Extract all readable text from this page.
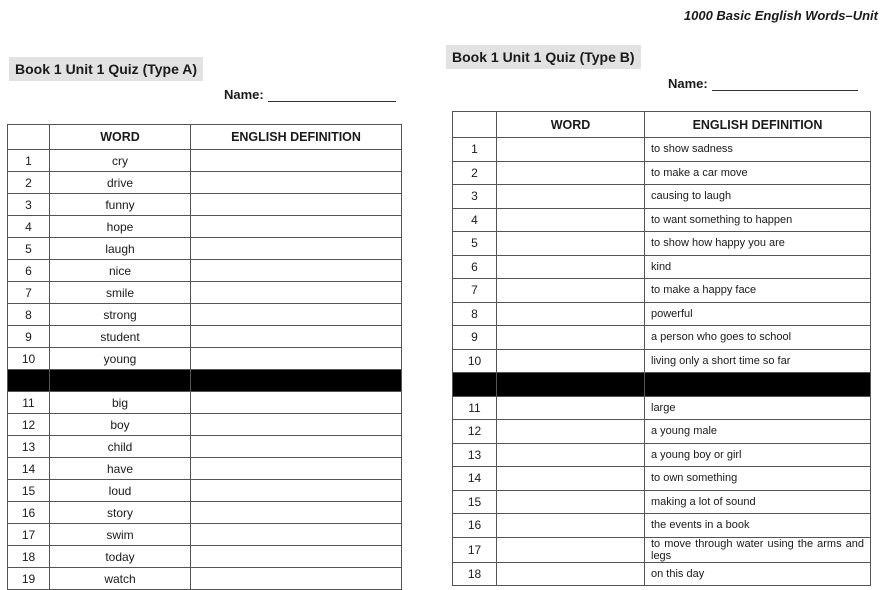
1000 Basic English Words–Unit
Book 1 Unit 1 Quiz (Type A)
Name:
	WORD	ENGLISH DEFINITION
1	cry	
2	drive	
3	funny	
4	hope	
5	laugh	
6	nice	
7	smile	
8	strong	
9	student	
10	young	

11	big	
12	boy	
13	child	
14	have	
15	loud	
16	story	
17	swim	
18	today	
19	watch	
Book 1 Unit 1 Quiz (Type B)
Name:
	WORD	ENGLISH DEFINITION
1		to show sadness
2		to make a car move
3		causing to laugh
4		to want something to happen
5		to show how happy you are
6		kind
7		to make a happy face
8		powerful
9		a person who goes to school
10		living only a short time so far

11		large
12		a young male
13		a young boy or girl
14		to own something
15		making a lot of sound
16		the events in a book
17		to move through water using the arms and legs
18		on this day
